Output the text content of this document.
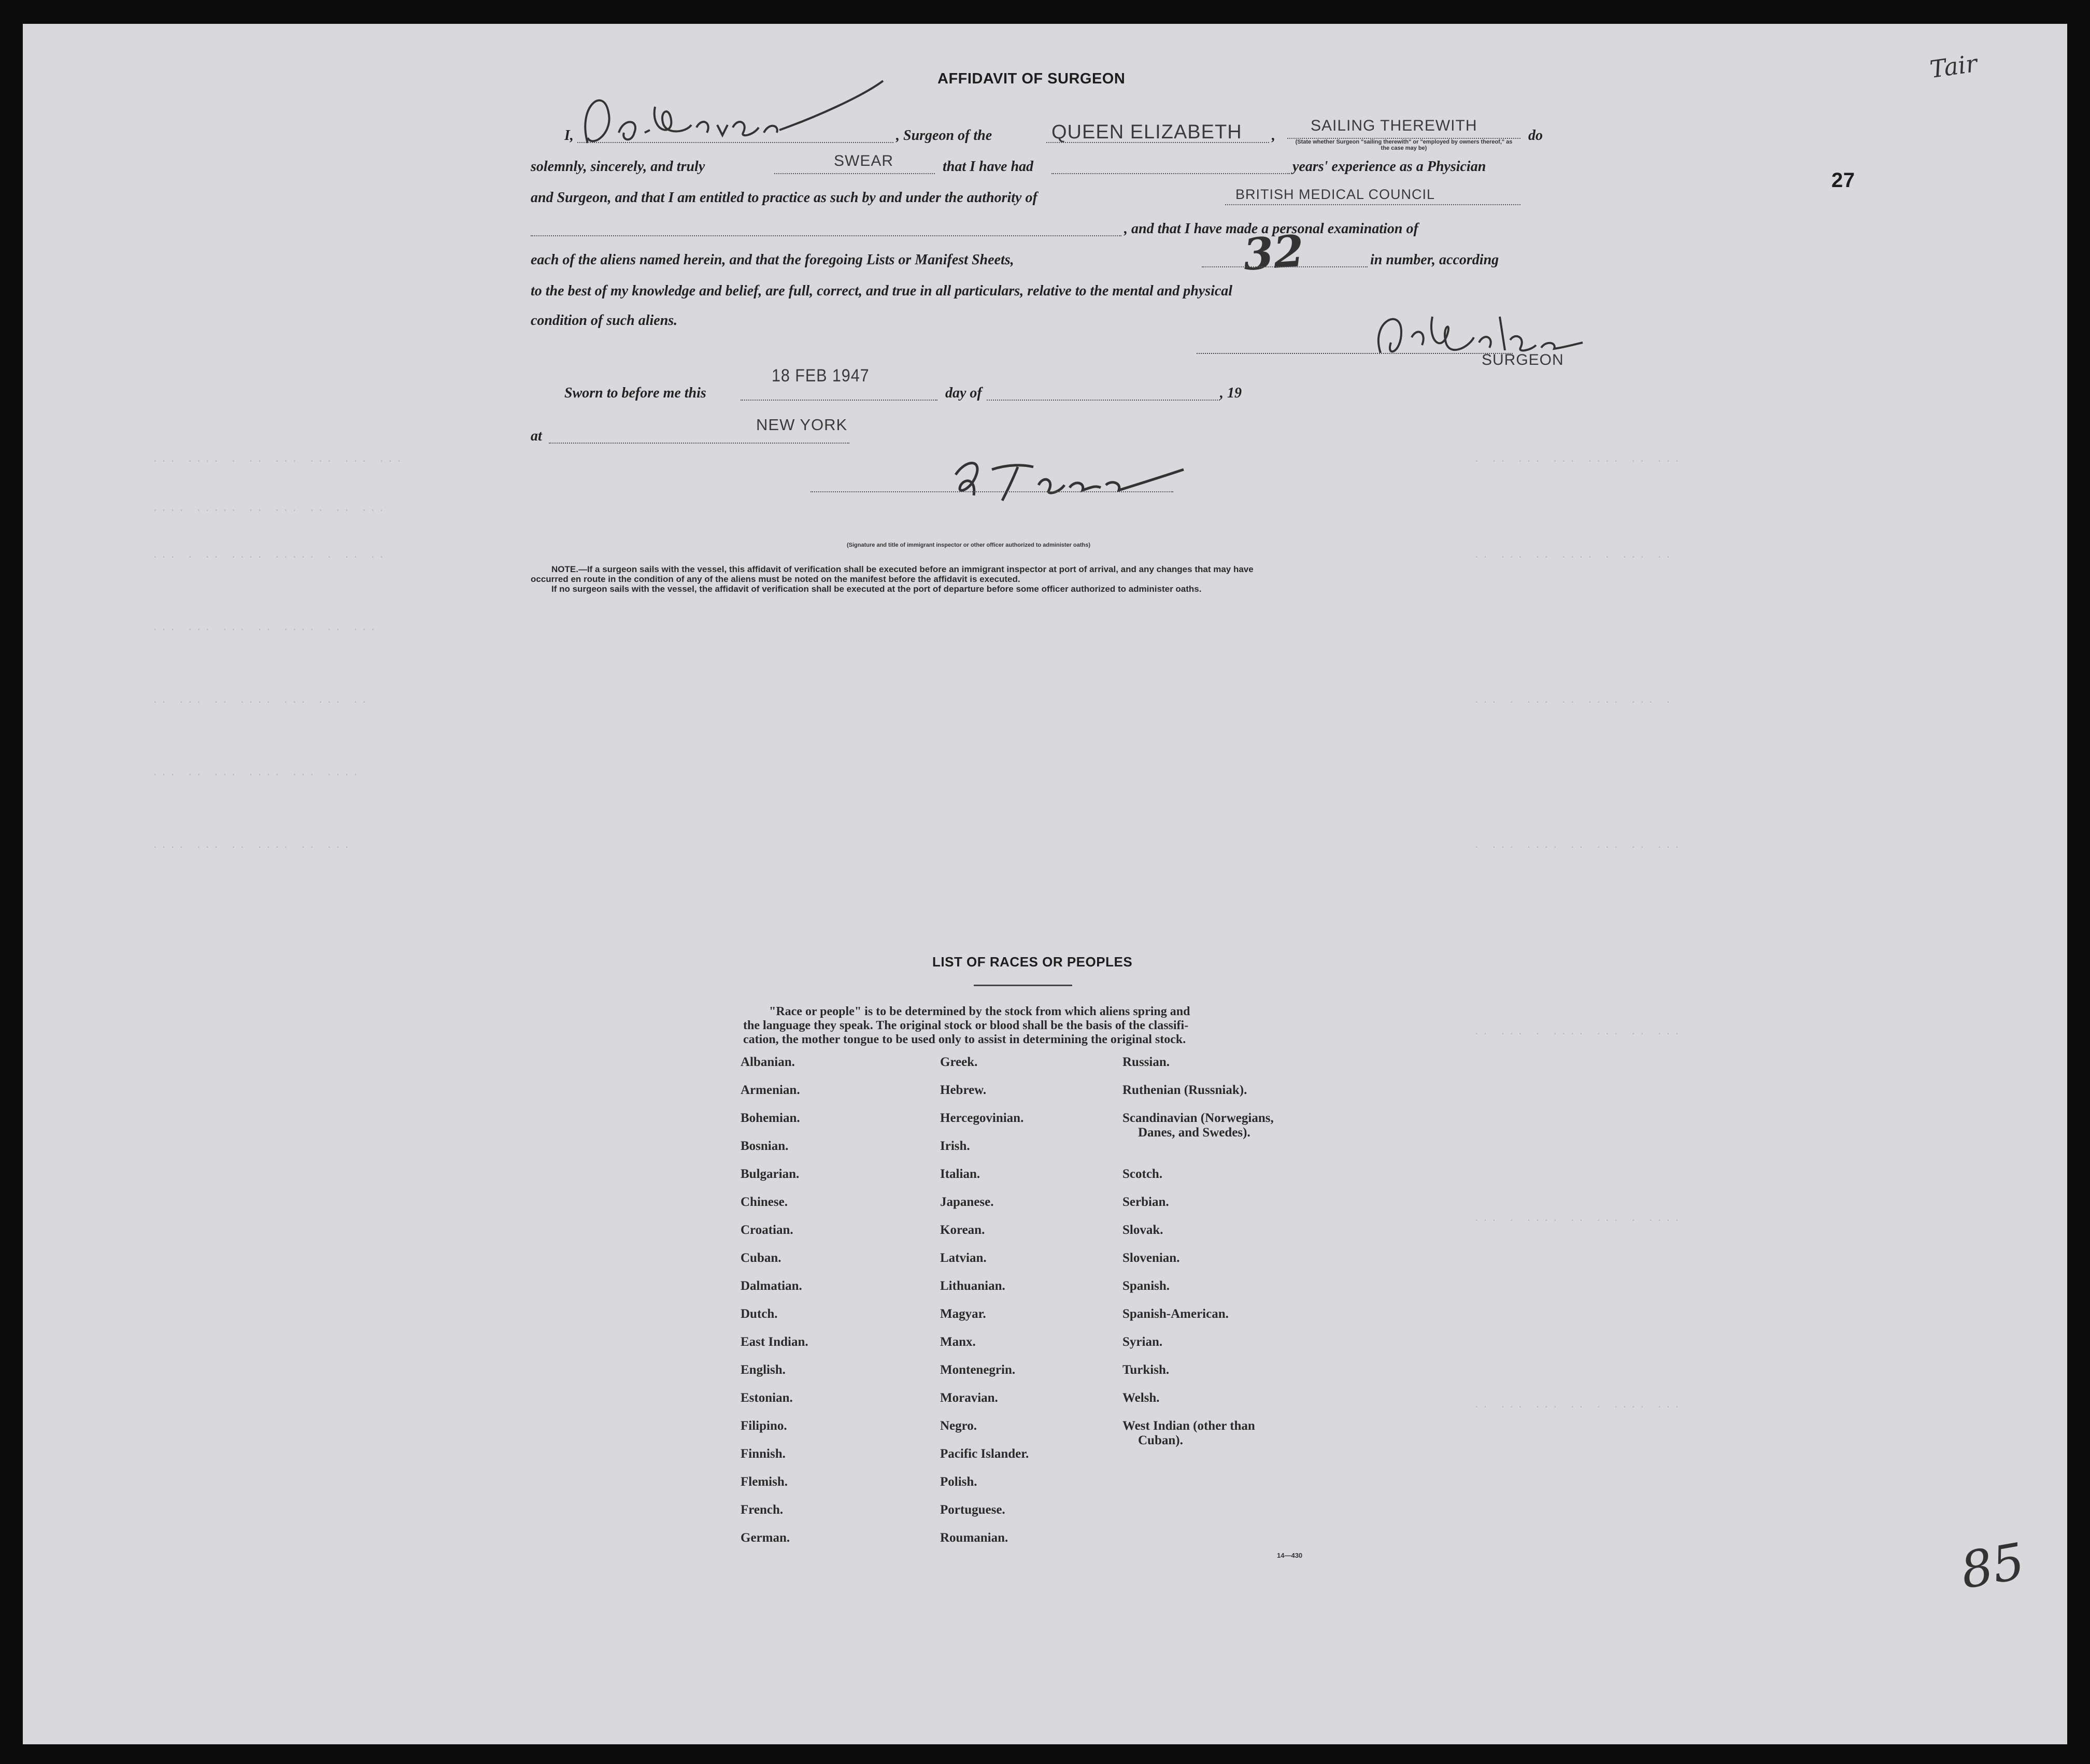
··· ···· · ·· ··· ··· ··· ···
···· ····· ·· ··· ·· ·· ···
··· · ·· ···· ····· · ·· ··
··· ··· ··· ·· ···· ·· ···
·· ··· ·· ···· ··· ··· ··
··· ·· ··· ···· ··· ····
···· ··· ·· ···· ·· ···
· ·· ··· ··· ···· ·· ···
·· ··· ·· ···· · ··· ··
··· · ··· ·· ···· ··· ·
· ··· ···· ·· ··· ·· ···
·· ··· · ···· ··· ·· ···
··· · ···· ·· ··· · ····
·· ··· ··· ·· · ···· ···
Tair
27
AFFIDAVIT OF SURGEON
I,	, Surgeon of the	QUEEN ELIZABETH ,
SAILING THEREWITH
(State whether Surgeon "sailing therewith" or "employed by owners thereof," as the case may be)
do
solemnly, sincerely, and truly	SWEAR	that I have had	years' experience as a Physician
and Surgeon, and that I am entitled to practice as such by and under the authority of	BRITISH MEDICAL COUNCIL
, and that I have made a personal examination of
each of the aliens named herein, and that the foregoing Lists or Manifest Sheets,	32	in number, according
to the best of my knowledge and belief, are full, correct, and true in all particulars, relative to the mental and physical
condition of such aliens.
SURGEON
Sworn to before me this
18 FEB 1947
day of	, 19
at
NEW YORK
(Signature and title of immigrant inspector or other officer authorized to administer oaths)
NOTE.—If a surgeon sails with the vessel, this affidavit of verification shall be executed before an immigrant inspector at port of arrival, and any changes that may have
occurred en route in the condition of any of the aliens must be noted on the manifest before the affidavit is executed.
If no surgeon sails with the vessel, the affidavit of verification shall be executed at the port of departure before some officer authorized to administer oaths.
LIST OF RACES OR PEOPLES
"Race or people" is to be determined by the stock from which aliens spring and
the language they speak. The original stock or blood shall be the basis of the classifi-
cation, the mother tongue to be used only to assist in determining the original stock.
Albanian.
Armenian.
Bohemian.
Bosnian.
Bulgarian.
Chinese.
Croatian.
Cuban.
Dalmatian.
Dutch.
East Indian.
English.
Estonian.
Filipino.
Finnish.
Flemish.
French.
German.
Greek.
Hebrew.
Hercegovinian.
Irish.
Italian.
Japanese.
Korean.
Latvian.
Lithuanian.
Magyar.
Manx.
Montenegrin.
Moravian.
Negro.
Pacific Islander.
Polish.
Portuguese.
Roumanian.
Russian.
Ruthenian (Russniak).
Scandinavian (Norwegians,
Danes, and Swedes).
Scotch.
Serbian.
Slovak.
Slovenian.
Spanish.
Spanish-American.
Syrian.
Turkish.
Welsh.
West Indian (other than
Cuban).
14—430	85
